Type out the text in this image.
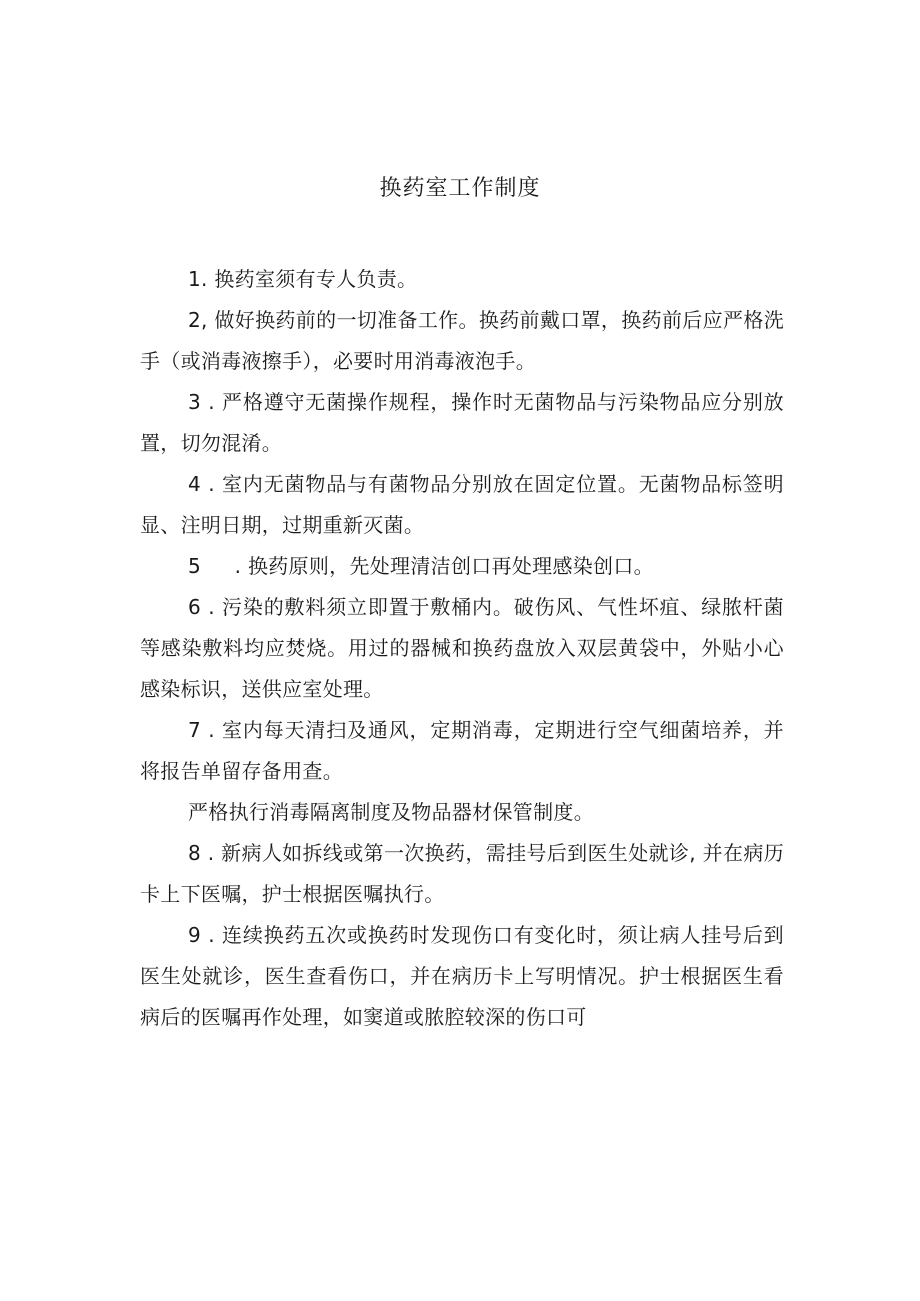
换药室工作制度

1. 换药室须有专人负责。

2, 做好换药前的一切准备工作。换药前戴口罩，换药前后应严格洗手（或消毒液擦手），必要时用消毒液泡手。

3 . 严格遵守无菌操作规程，操作时无菌物品与污染物品应分别放置，切勿混淆。

4 . 室内无菌物品与有菌物品分别放在固定位置。无菌物品标签明显、注明日期，过期重新灭菌。

5 　 . 换药原则，先处理清洁创口再处理感染创口。

6 . 污染的敷料须立即置于敷桶内。破伤风、气性坏疽、绿脓杆菌等感染敷料均应焚烧。用过的器械和换药盘放入双层黄袋中，外贴小心感染标识，送供应室处理。

7 . 室内每天清扫及通风，定期消毒，定期进行空气细菌培养，并将报告单留存备用查。

严格执行消毒隔离制度及物品器材保管制度。

8 . 新病人如拆线或第一次换药，需挂号后到医生处就诊, 并在病历卡上下医嘱，护士根据医嘱执行。

9 . 连续换药五次或换药时发现伤口有变化时，须让病人挂号后到医生处就诊，医生查看伤口，并在病历卡上写明情况。护士根据医生看病后的医嘱再作处理，如窦道或脓腔较深的伤口可
